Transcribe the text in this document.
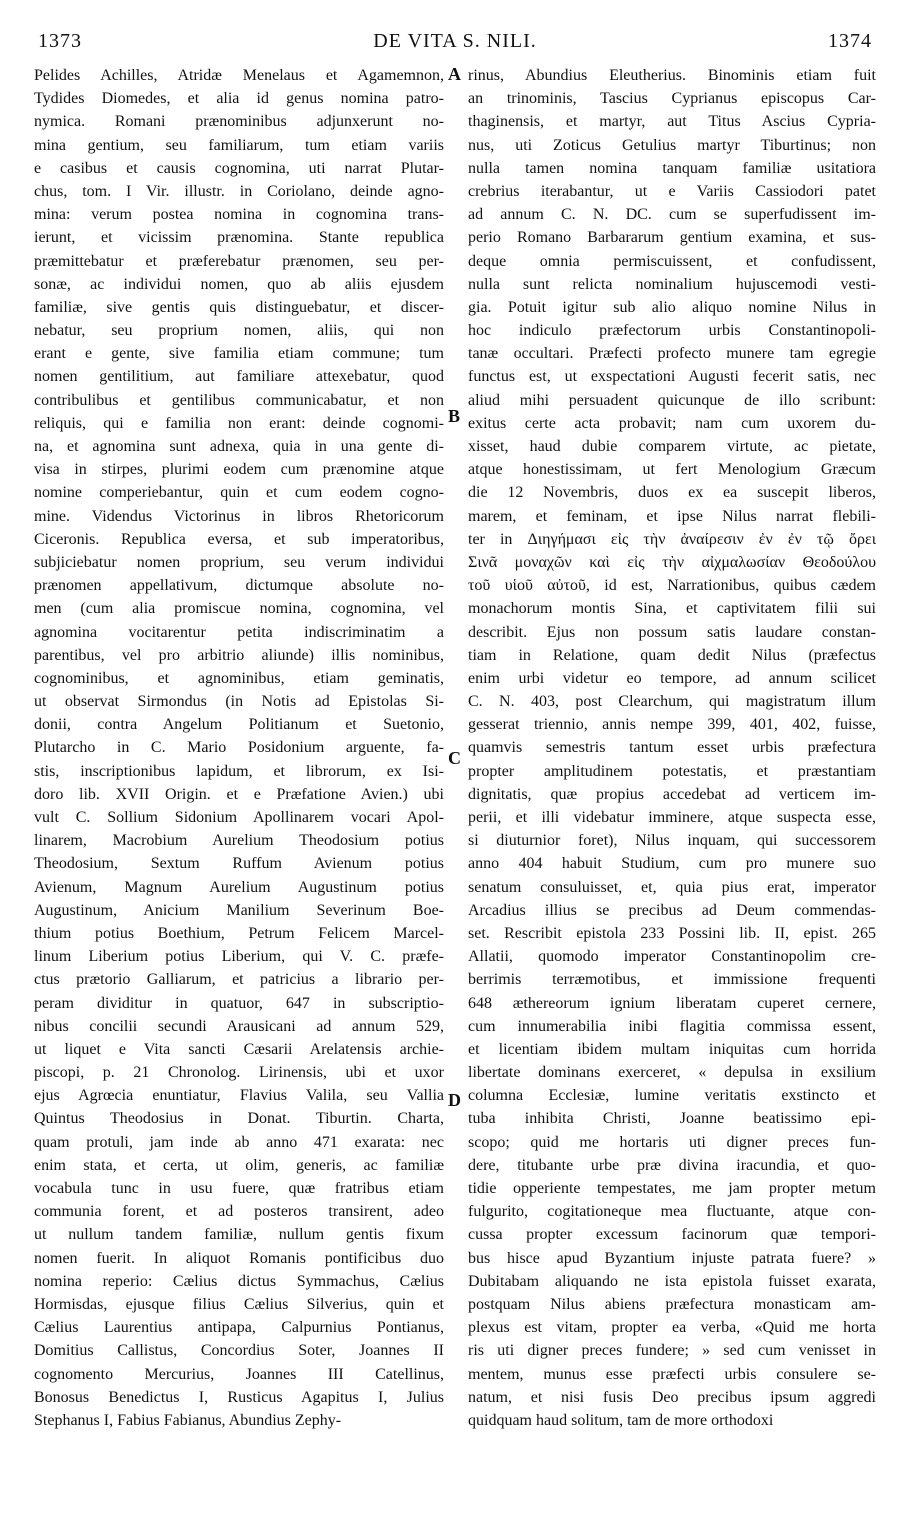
1373	DE VITA S. NILI.	1374
Pelides Achilles, Atridæ Menelaus et Agamemnon,
Tydides Diomedes, et alia id genus nomina patro-
nymica. Romani prænominibus adjunxerunt no-
mina gentium, seu familiarum, tum etiam variis
e casibus et causis cognomina, uti narrat Plutar-
chus, tom. I Vir. illustr. in Coriolano, deinde agno-
mina: verum postea nomina in cognomina trans-
ierunt, et vicissim prænomina. Stante republica
præmittebatur et præferebatur prænomen, seu per-
sonæ, ac individui nomen, quo ab aliis ejusdem
familiæ, sive gentis quis distinguebatur, et discer-
nebatur, seu proprium nomen, aliis, qui non
erant e gente, sive familia etiam commune; tum
nomen gentilitium, aut familiare attexebatur, quod
contribulibus et gentilibus communicabatur, et non
reliquis, qui e familia non erant: deinde cognomi-
na, et agnomina sunt adnexa, quia in una gente di-
visa in stirpes, plurimi eodem cum prænomine atque
nomine comperiebantur, quin et cum eodem cogno-
mine. Videndus Victorinus in libros Rhetoricorum
Ciceronis. Republica eversa, et sub imperatoribus,
subjiciebatur nomen proprium, seu verum individui
prænomen appellativum, dictumque absolute no-
men (cum alia promiscue nomina, cognomina, vel
agnomina vocitarentur petita indiscriminatim a
parentibus, vel pro arbitrio aliunde) illis nominibus,
cognominibus, et agnominibus, etiam geminatis,
ut observat Sirmondus (in Notis ad Epistolas Si-
donii, contra Angelum Politianum et Suetonio,
Plutarcho in C. Mario Posidonium arguente, fa-
stis, inscriptionibus lapidum, et librorum, ex Isi-
doro lib. XVII Origin. et e Præfatione Avien.) ubi
vult C. Sollium Sidonium Apollinarem vocari Apol-
linarem, Macrobium Aurelium Theodosium potius
Theodosium, Sextum Ruffum Avienum potius
Avienum, Magnum Aurelium Augustinum potius
Augustinum, Anicium Manilium Severinum Boe-
thium potius Boethium, Petrum Felicem Marcel-
linum Liberium potius Liberium, qui V. C. præfe-
ctus prætorio Galliarum, et patricius a librario per-
peram dividitur in quatuor, 647 in subscriptio-
nibus concilii secundi Arausicani ad annum 529,
ut liquet e Vita sancti Cæsarii Arelatensis archie-
piscopi, p. 21 Chronolog. Lirinensis, ubi et uxor
ejus Agrœcia enuntiatur, Flavius Valila, seu Vallia
Quintus Theodosius in Donat. Tiburtin. Charta,
quam protuli, jam inde ab anno 471 exarata: nec
enim stata, et certa, ut olim, generis, ac familiæ
vocabula tunc in usu fuere, quæ fratribus etiam
communia forent, et ad posteros transirent, adeo
ut nullum tandem familiæ, nullum gentis fixum
nomen fuerit. In aliquot Romanis pontificibus duo
nomina reperio: Cælius dictus Symmachus, Cælius
Hormisdas, ejusque filius Cælius Silverius, quin et
Cælius Laurentius antipapa, Calpurnius Pontianus,
Domitius Callistus, Concordius Soter, Joannes II
cognomento Mercurius, Joannes III Catellinus,
Bonosus Benedictus I, Rusticus Agapitus I, Julius
Stephanus I, Fabius Fabianus, Abundius Zephy-
rinus, Abundius Eleutherius. Binominis etiam fuit
an trinominis, Tascius Cyprianus episcopus Car-
thaginensis, et martyr, aut Titus Ascius Cypria-
nus, uti Zoticus Getulius martyr Tiburtinus; non
nulla tamen nomina tanquam familiæ usitatiora
crebrius iterabantur, ut e Variis Cassiodori patet
ad annum C. N. DC. cum se superfudissent im-
perio Romano Barbararum gentium examina, et sus-
deque omnia permiscuissent, et confudissent,
nulla sunt relicta nominalium hujuscemodi vesti-
gia. Potuit igitur sub alio aliquo nomine Nilus in
hoc indiculo præfectorum urbis Constantinopoli-
tanæ occultari. Præfecti profecto munere tam egregie
functus est, ut exspectationi Augusti fecerit satis, nec
aliud mihi persuadent quicunque de illo scribunt:
exitus certe acta probavit; nam cum uxorem du-
xisset, haud dubie comparem virtute, ac pietate,
atque honestissimam, ut fert Menologium Græcum
die 12 Novembris, duos ex ea suscepit liberos,
marem, et feminam, et ipse Nilus narrat flebili-
ter in Διηγήμασι εἰς τὴν ἀναίρεσιν ἐν ἐν τῷ ὄρει
Σινᾶ μοναχῶν καὶ εἰς τὴν αἰχμαλωσίαν Θεοδούλου
τοῦ υἱοῦ αὐτοῦ, id est, Narrationibus, quibus cædem
monachorum montis Sina, et captivitatem filii sui
describit. Ejus non possum satis laudare constan-
tiam in Relatione, quam dedit Nilus (præfectus
enim urbi videtur eo tempore, ad annum scilicet
C. N. 403, post Clearchum, qui magistratum illum
gesserat triennio, annis nempe 399, 401, 402, fuisse,
quamvis semestris tantum esset urbis præfectura
propter amplitudinem potestatis, et præstantiam
dignitatis, quæ propius accedebat ad verticem im-
perii, et illi videbatur imminere, atque suspecta esse,
si diuturnior foret), Nilus inquam, qui successorem
anno 404 habuit Studium, cum pro munere suo
senatum consuluisset, et, quia pius erat, imperator
Arcadius illius se precibus ad Deum commendas-
set. Rescribit epistola 233 Possini lib. II, epist. 265
Allatii, quomodo imperator Constantinopolim cre-
berrimis terræmotibus, et immissione frequenti
648 æthereorum ignium liberatam cuperet cernere,
cum innumerabilia inibi flagitia commissa essent,
et licentiam ibidem multam iniquitas cum horrida
libertate dominans exerceret, « depulsa in exsilium
columna Ecclesiæ, lumine veritatis exstincto et
tuba inhibita Christi, Joanne beatissimo epi-
scopo; quid me hortaris uti digner preces fun-
dere, titubante urbe præ divina iracundia, et quo-
tidie opperiente tempestates, me jam propter metum
fulgurito, cogitationeque mea fluctuante, atque con-
cussa propter excessum facinorum quæ tempori-
bus hisce apud Byzantium injuste patrata fuere? »
Dubitabam aliquando ne ista epistola fuisset exarata,
postquam Nilus abiens præfectura monasticam am-
plexus est vitam, propter ea verba, «Quid me horta
ris uti digner preces fundere; » sed cum venisset in
mentem, munus esse præfecti urbis consulere se-
natum, et nisi fusis Deo precibus ipsum aggredi
quidquam haud solitum, tam de more orthodoxi
A
B
C
D
